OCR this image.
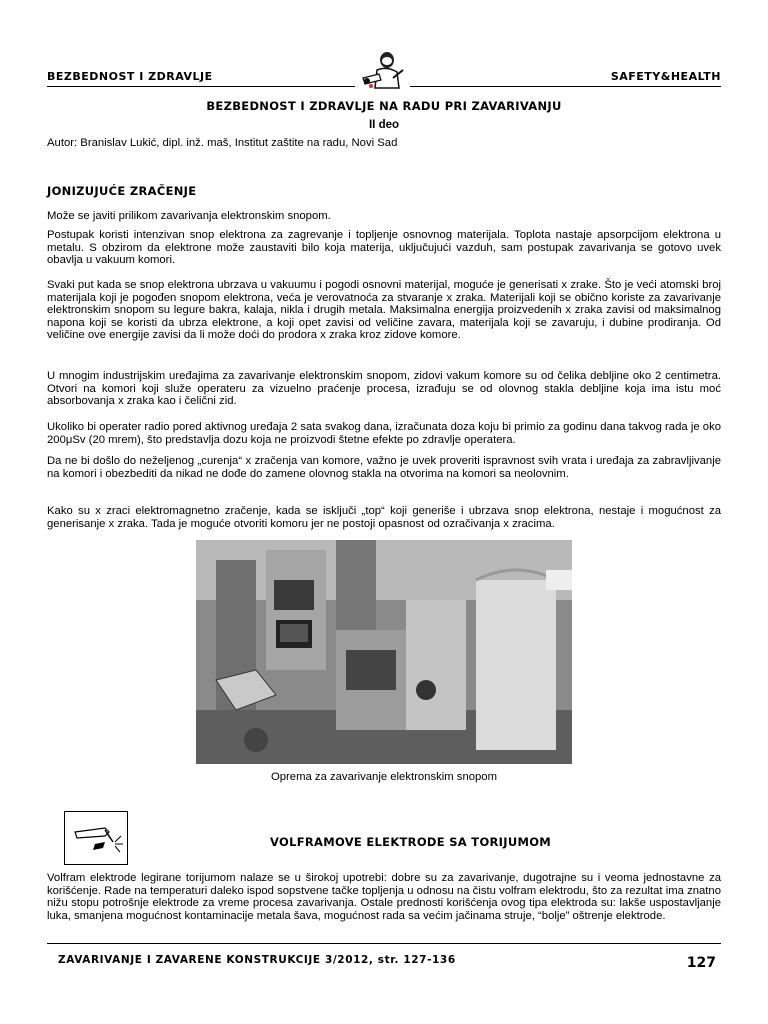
BEZBEDNOST I ZDRAVLJE	SAFETY&HEALTH
BEZBEDNOST I ZDRAVLJE NA RADU PRI ZAVARIVANJU
II deo
Autor: Branislav Lukić, dipl. inž. maš, Institut zaštite na radu, Novi Sad
JONIZUJUĆE ZRAČENJE

Može se javiti prilikom zavarivanja elektronskim snopom.

Postupak koristi intenzivan snop elektrona za zagrevanje i topljenje osnovnog materijala. Toplota nastaje apsorpcijom elektrona u metalu. S obzirom da elektrone može zaustaviti bilo koja materija, uključujući vazduh, sam postupak zavarivanja se gotovo uvek obavlja u vakuum komori.

Svaki put kada se snop elektrona ubrzava u vakuumu i pogodi osnovni materijal, moguće je generisati x zrake. Što je veći atomski broj materijala koji je pogođen snopom elektrona, veća je verovatnoća za stvaranje x zraka. Materijali koji se obično koriste za zavarivanje elektronskim snopom su legure bakra, kalaja, nikla i drugih metala. Maksimalna energija proizvedenih x zraka zavisi od maksimalnog napona koji se koristi da ubrza elektrone, a koji opet zavisi od veličine zavara, materijala koji se zavaruju, i dubine prodiranja. Od veličine ove energije zavisi da li može doći do prodora x zraka kroz zidove komore.

U mnogim industrijskim uređajima za zavarivanje elektronskim snopom, zidovi vakum komore su od čelika debljine oko 2 centimetra. Otvori na komori koji služe operateru za vizuelno praćenje procesa, izrađuju se od olovnog stakla debljine koja ima istu moć absorbovanja x zraka kao i čelični zid.

Ukoliko bi operater radio pored aktivnog uređaja 2 sata svakog dana, izračunata doza koju bi primio za godinu dana takvog rada je oko 200μSv (20 mrem), što predstavlja dozu koja ne proizvodi štetne efekte po zdravlje operatera.

Da ne bi došlo do neželjenog „curenja“ x zračenja van komore, važno je uvek proveriti ispravnost svih vrata i uređaja za zabravljivanje na komori i obezbediti da nikad ne dođe do zamene olovnog stakla na otvorima na komori sa neolovnim.

Kako su x zraci elektromagnetno zračenje, kada se isključi „top“ koji generiše i ubrzava snop elektrona, nestaje i mogućnost za generisanje x zraka. Tada je moguće otvoriti komoru jer ne postoji opasnost od ozračivanja x zracima.

Oprema za zavarivanje elektronskim snopom
VOLFRAMOVE ELEKTRODE SA TORIJUMOM

Volfram elektrode legirane torijumom nalaze se u širokoj upotrebi: dobre su za zavarivanje, dugotrajne su i veoma jednostavne za korišćenje. Rade na temperaturi daleko ispod sopstvene tačke topljenja u odnosu na čistu volfram elektrodu, što za rezultat ima znatno nižu stopu potrošnje elektrode za vreme procesa zavarivanja. Ostale prednosti korišćenja ovog tipa elektroda su: lakše uspostavljanje luka, smanjena mogućnost kontaminacije metala šava, mogućnost rada sa većim jačinama struje, “bolje” oštrenje elektrode.

ZAVARIVANJE I ZAVARENE KONSTRUKCIJE 3/2012, str. 127-136	127
